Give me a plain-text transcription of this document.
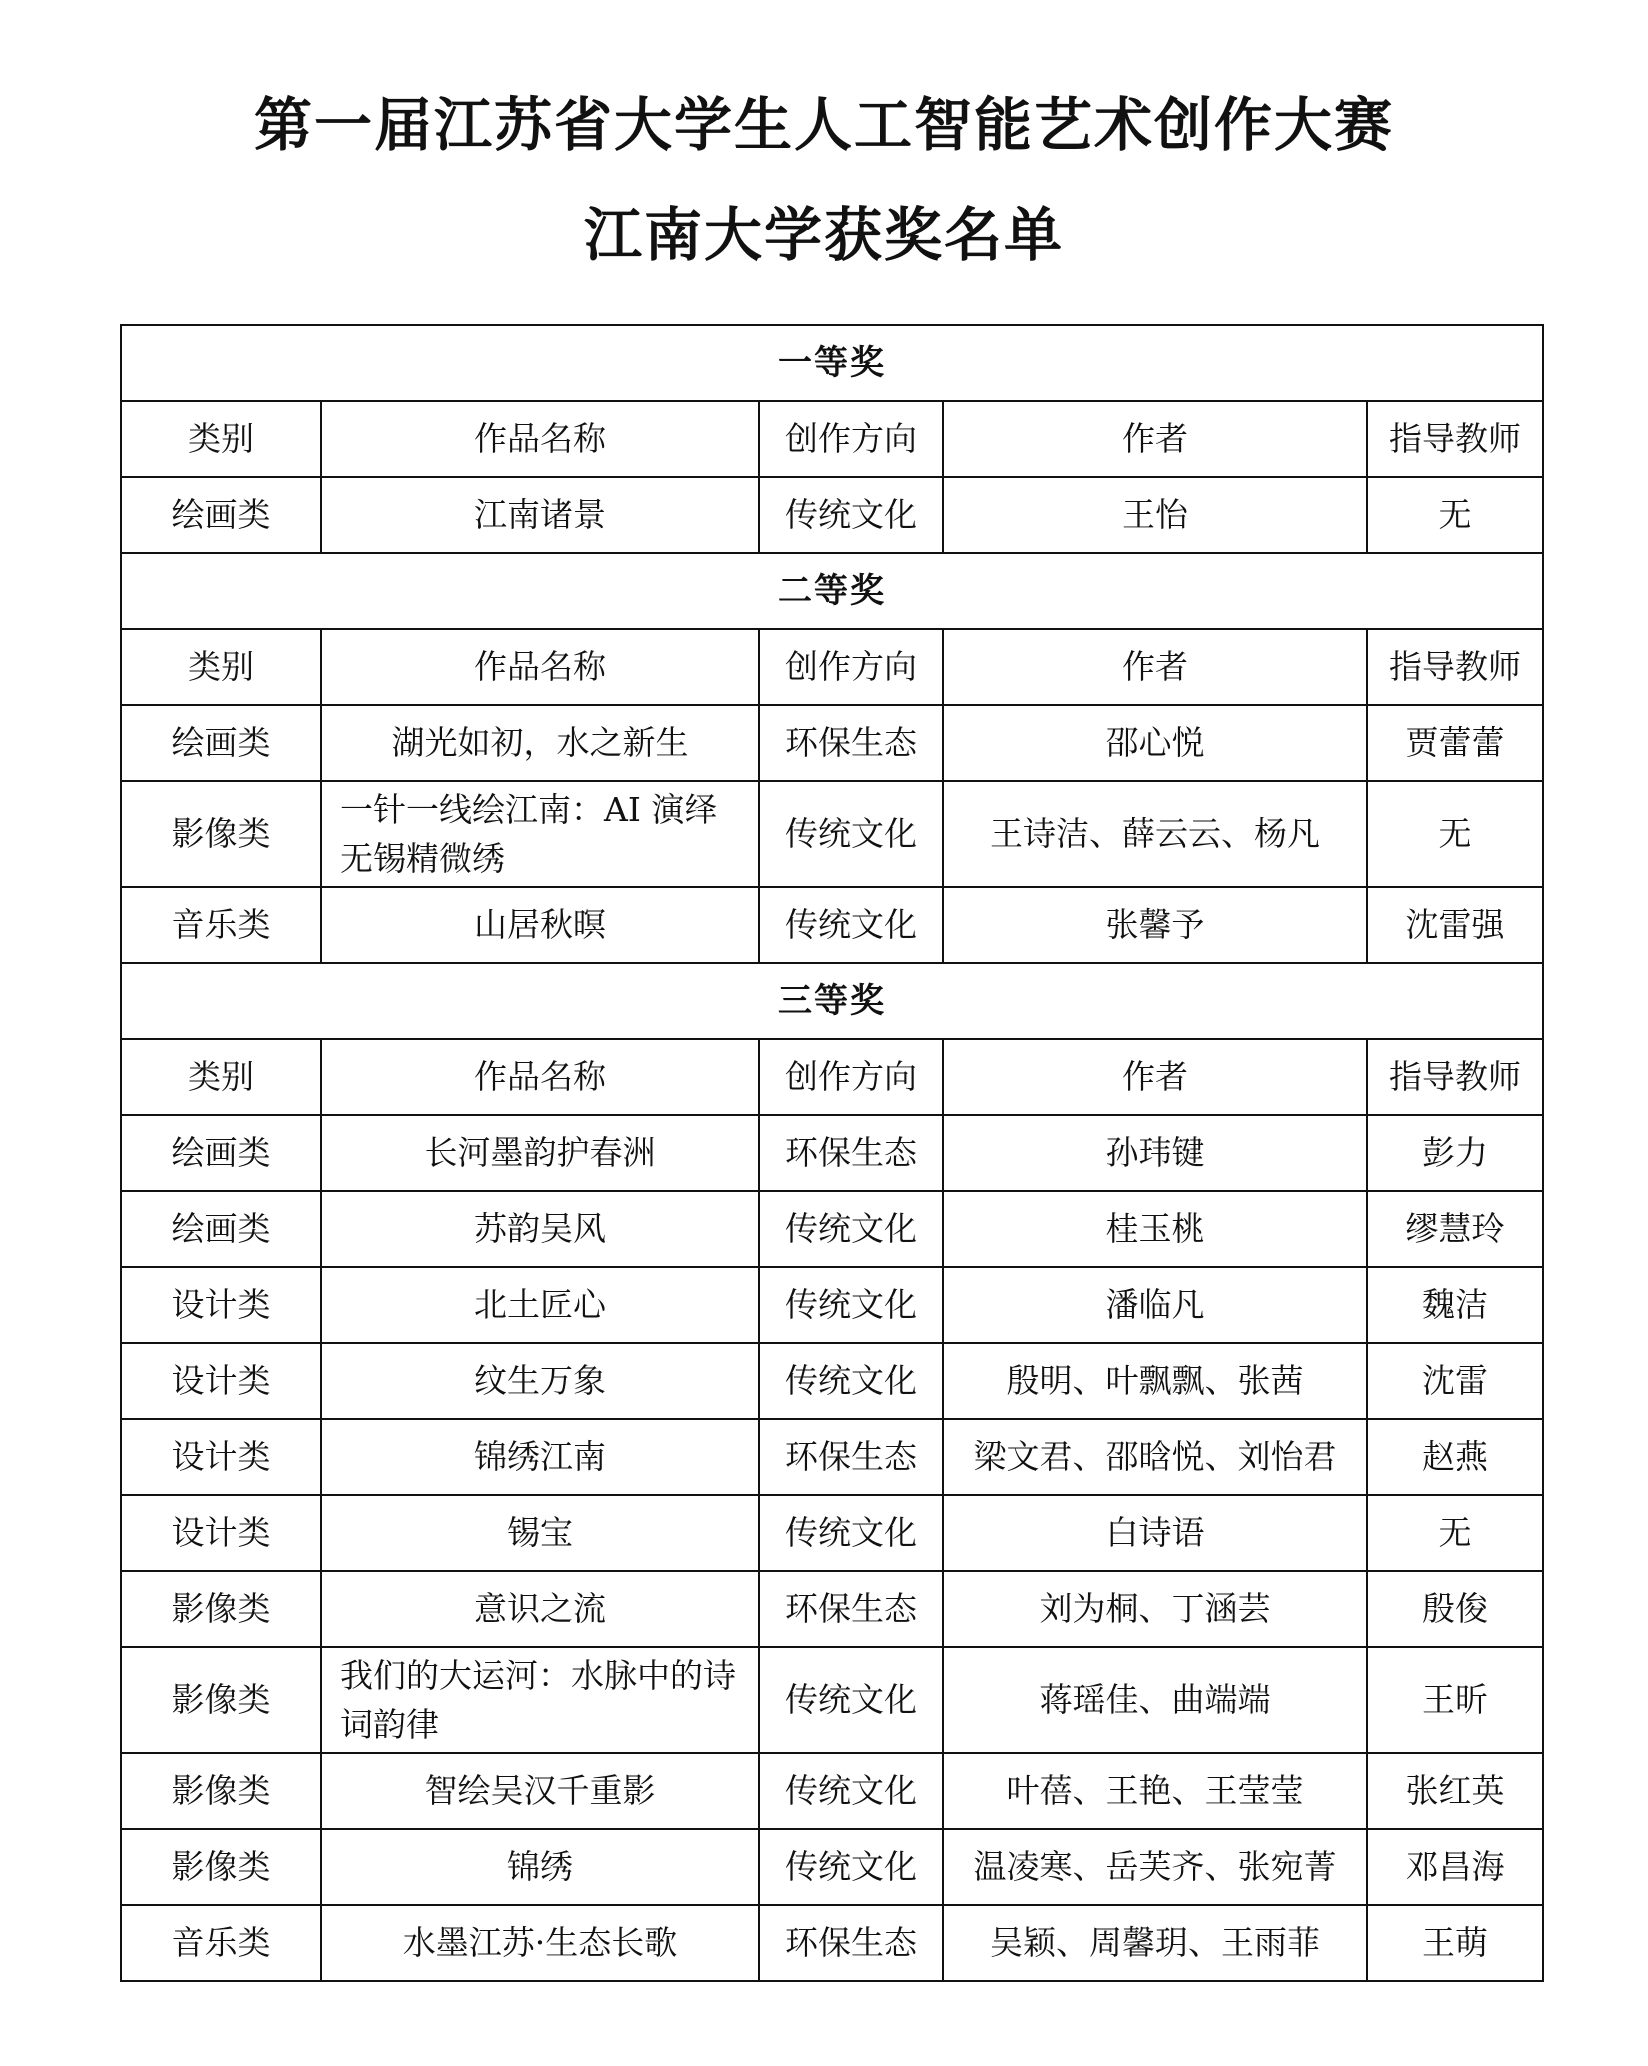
第一届江苏省大学生人工智能艺术创作大赛
江南大学获奖名单
一等奖				
类别	作品名称	创作方向	作者	指导教师
绘画类	江南诸景	传统文化	王怡	无
二等奖				
类别	作品名称	创作方向	作者	指导教师
绘画类	湖光如初，水之新生	环保生态	邵心悦	贾蕾蕾
影像类	一针一线绘江南：AI 演绎无锡精微绣	传统文化	王诗洁、薛云云、杨凡	无
音乐类	山居秋暝	传统文化	张馨予	沈雷强
三等奖				
类别	作品名称	创作方向	作者	指导教师
绘画类	长河墨韵护春洲	环保生态	孙玮键	彭力
绘画类	苏韵吴风	传统文化	桂玉桃	缪慧玲
设计类	北土匠心	传统文化	潘临凡	魏洁
设计类	纹生万象	传统文化	殷明、叶飘飘、张茜	沈雷
设计类	锦绣江南	环保生态	梁文君、邵晗悦、刘怡君	赵燕
设计类	锡宝	传统文化	白诗语	无
影像类	意识之流	环保生态	刘为桐、丁涵芸	殷俊
影像类	我们的大运河：水脉中的诗词韵律	传统文化	蒋瑶佳、曲端端	王昕
影像类	智绘吴汉千重影	传统文化	叶蓓、王艳、王莹莹	张红英
影像类	锦绣	传统文化	温凌寒、岳芙齐、张宛菁	邓昌海
音乐类	水墨江苏·生态长歌	环保生态	吴颖、周馨玥、王雨菲	王萌
